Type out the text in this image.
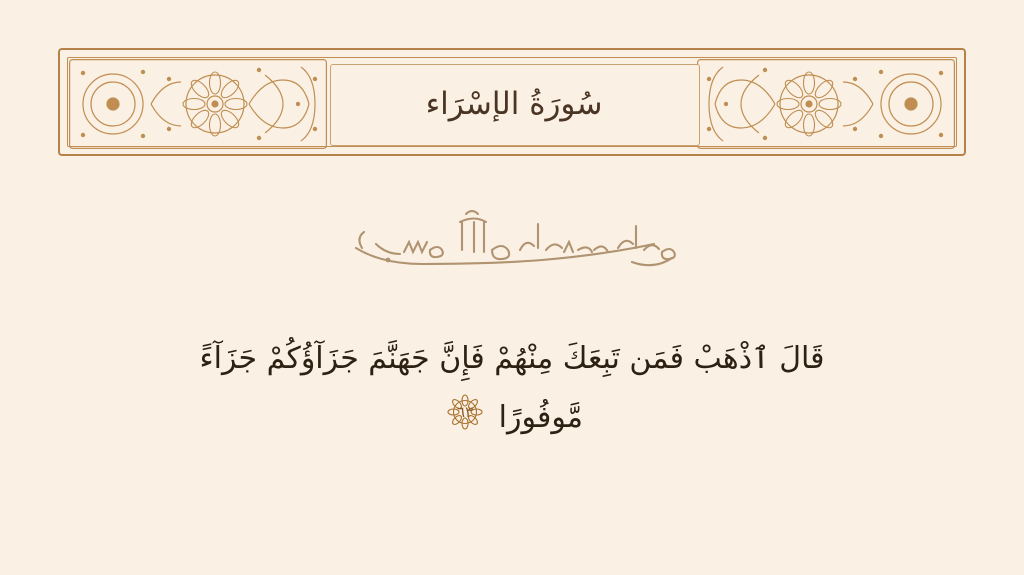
سُورَةُ الإسْرَاء
قَالَ ٱذْهَبْ فَمَن تَبِعَكَ مِنْهُمْ فَإِنَّ جَهَنَّمَ جَزَآؤُكُمْ جَزَآءً
مَّوفُورًا
٦٣
